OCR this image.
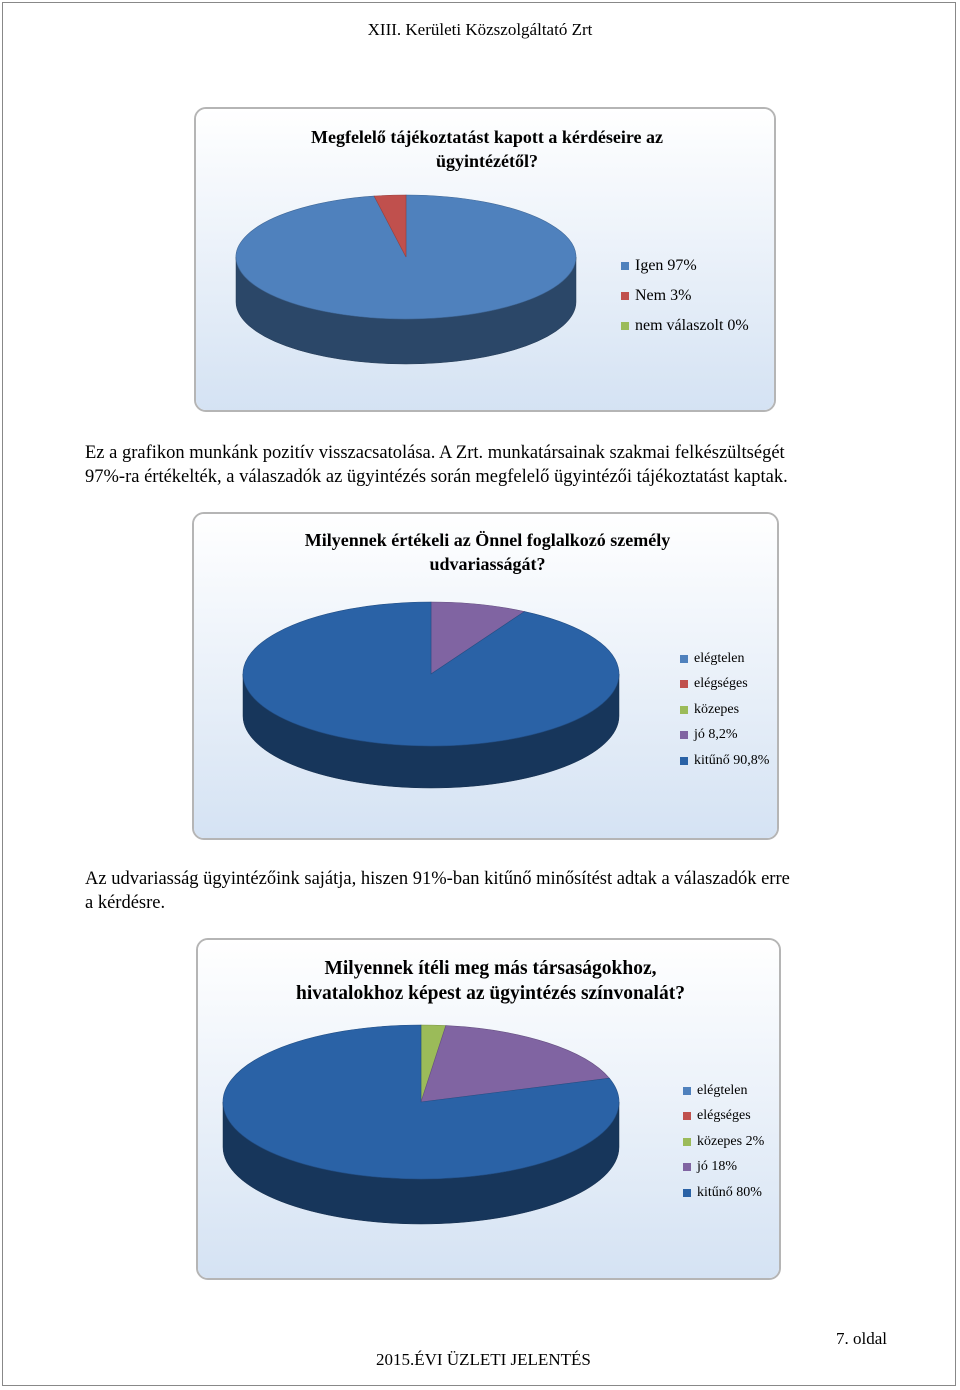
XIII. Kerületi Közszolgáltató Zrt
Megfelelő tájékoztatást kapott a kérdéseire az
ügyintézétől?
Igen 97%
Nem 3%
nem válaszolt 0%
Ez a grafikon munkánk pozitív visszacsatolása. A Zrt. munkatársainak szakmai felkészültségét
97%-ra értékelték, a válaszadók az ügyintézés során megfelelő ügyintézői tájékoztatást kaptak.
Milyennek értékeli az Önnel foglalkozó személy
udvariasságát?
elégtelen
elégséges
közepes
jó 8,2%
kitűnő 90,8%
Az udvariasság ügyintézőink sajátja, hiszen 91%-ban kitűnő minősítést adtak a válaszadók erre
a kérdésre.
Milyennek ítéli meg más társaságokhoz,
hivatalokhoz képest az ügyintézés színvonalát?
elégtelen
elégséges
közepes 2%
jó 18%
kitűnő 80%
7. oldal
2015.ÉVI ÜZLETI JELENTÉS
